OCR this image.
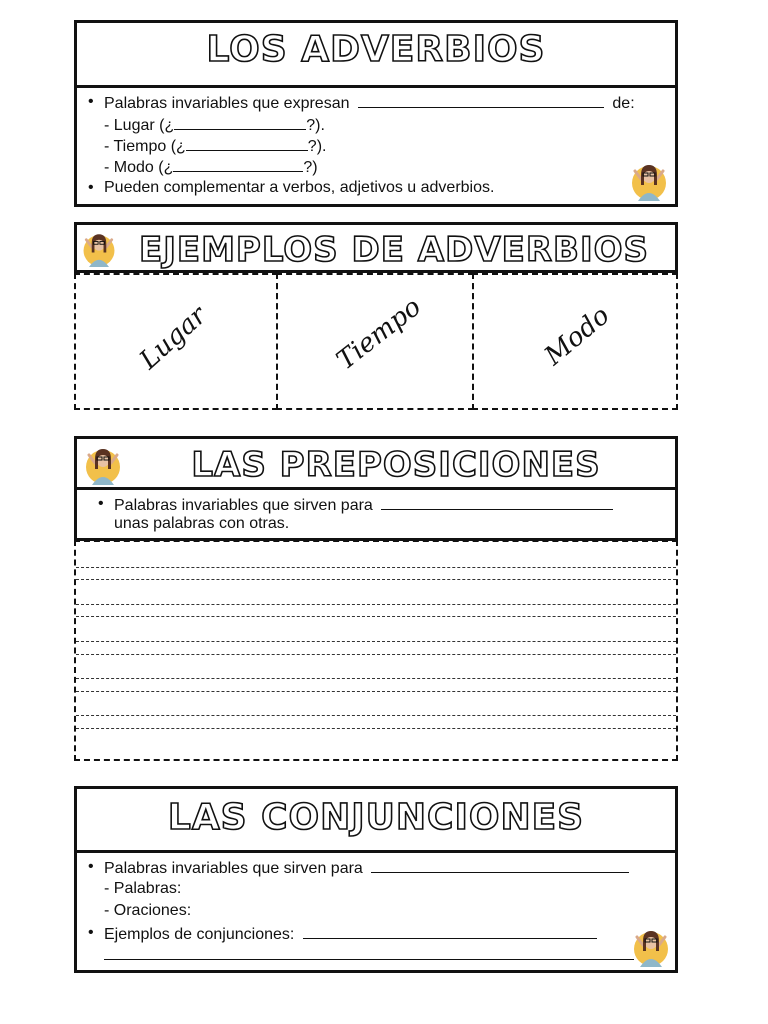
LOS ADVERBIOS
• Palabras invariables que expresan	de:
- Lugar (¿	?).
- Tiempo (¿	?).
- Modo (¿	?)
• Pueden complementar a verbos, adjetivos u adverbios.
EJEMPLOS DE ADVERBIOS
Lugar	Tiempo	Modo
LAS PREPOSICIONES
• Palabras invariables que sirven para
unas palabras con otras.
LAS CONJUNCIONES
• Palabras invariables que sirven para
- Palabras:
- Oraciones:
• Ejemplos de conjunciones:
